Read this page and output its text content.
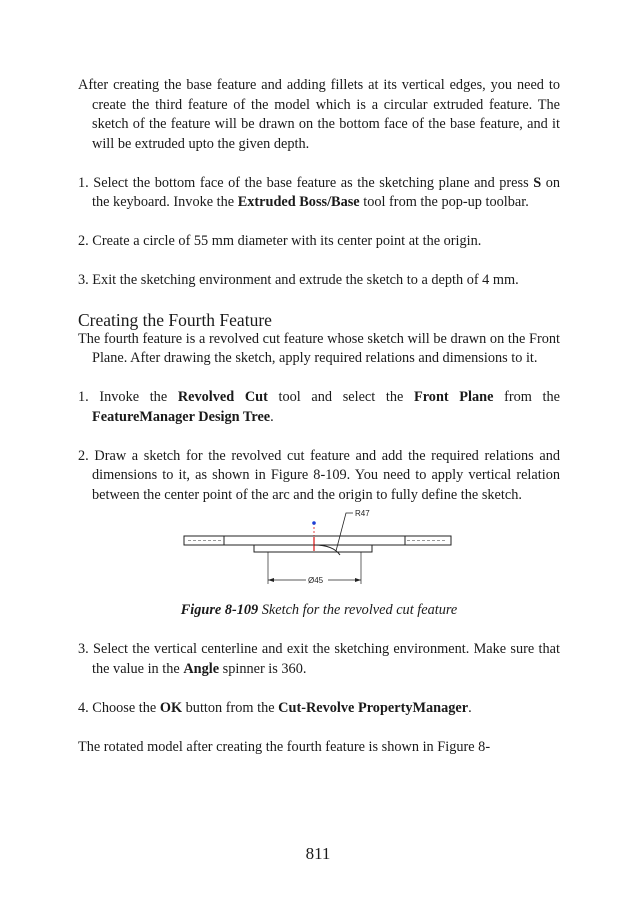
After creating the base feature and adding fillets at its vertical edges, you need to create the third feature of the model which is a circular extruded feature. The sketch of the feature will be drawn on the bottom face of the base feature, and it will be extruded upto the given depth.

1. Select the bottom face of the base feature as the sketching plane and press S on the keyboard. Invoke the Extruded Boss/Base tool from the pop-up toolbar.

2. Create a circle of 55 mm diameter with its center point at the origin.

3. Exit the sketching environment and extrude the sketch to a depth of 4 mm.

Creating the Fourth Feature

The fourth feature is a revolved cut feature whose sketch will be drawn on the Front Plane. After drawing the sketch, apply required relations and dimensions to it.

1. Invoke the Revolved Cut tool and select the Front Plane from the FeatureManager Design Tree.

2. Draw a sketch for the revolved cut feature and add the required relations and dimensions to it, as shown in Figure 8-109. You need to apply vertical relation between the center point of the arc and the origin to fully define the sketch.

R47
Ø45

Figure 8-109 Sketch for the revolved cut feature

3. Select the vertical centerline and exit the sketching environment. Make sure that the value in the Angle spinner is 360.

4. Choose the OK button from the Cut-Revolve PropertyManager.

The rotated model after creating the fourth feature is shown in Figure 8-

811
